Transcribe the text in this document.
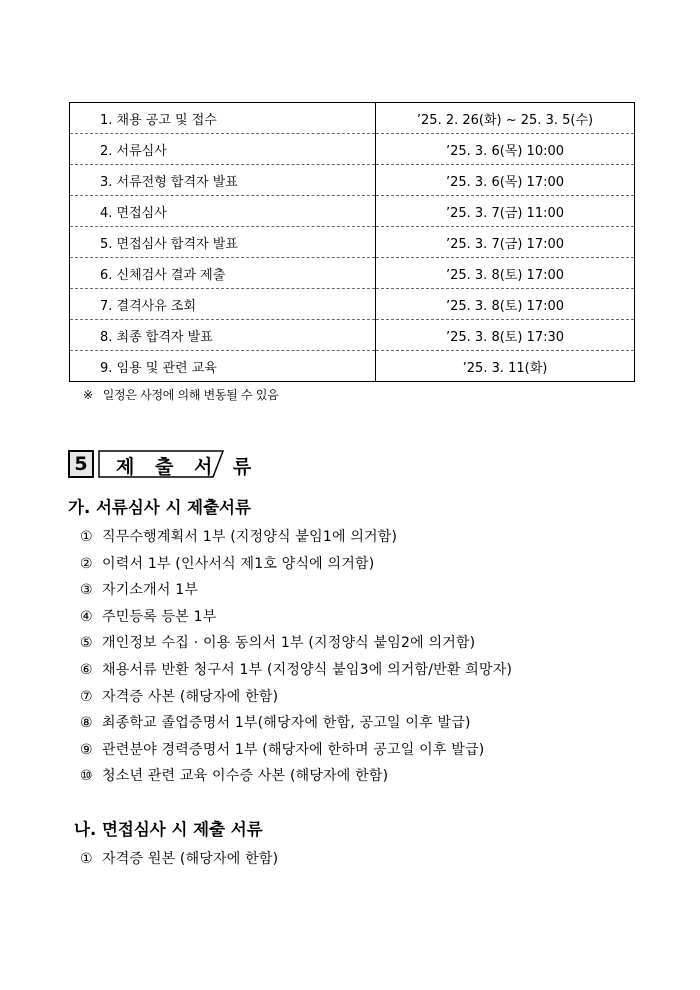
1. 채용 공고 및 접수	’25. 2. 26(화) ~ 25. 3. 5(수)
2. 서류심사	’25. 3. 6(목) 10:00
3. 서류전형 합격자 발표	’25. 3. 6(목) 17:00
4. 면접심사	’25. 3. 7(금) 11:00
5. 면접심사 합격자 발표	’25. 3. 7(금) 17:00
6. 신체검사 결과 제출	’25. 3. 8(토) 17:00
7. 결격사유 조회	’25. 3. 8(토) 17:00
8. 최종 합격자 발표	’25. 3. 8(토) 17:30
9. 임용 및 관련 교육	’25. 3. 11(화)
※ 일정은 사정에 의해 변동될 수 있음
5	제 출 서 류
가. 서류심사 시 제출서류
① 직무수행계획서 1부 (지정양식 붙임1에 의거함)
② 이력서 1부 (인사서식 제1호 양식에 의거함)
③ 자기소개서 1부
④ 주민등록 등본 1부
⑤ 개인정보 수집 · 이용 동의서 1부 (지정양식 붙임2에 의거함)
⑥ 채용서류 반환 청구서 1부 (지정양식 붙임3에 의거함/반환 희망자)
⑦ 자격증 사본 (해당자에 한함)
⑧ 최종학교 졸업증명서 1부(해당자에 한함, 공고일 이후 발급)
⑨ 관련분야 경력증명서 1부 (해당자에 한하며 공고일 이후 발급)
⑩ 청소년 관련 교육 이수증 사본 (해당자에 한함)
나. 면접심사 시 제출 서류
① 자격증 원본 (해당자에 한함)
